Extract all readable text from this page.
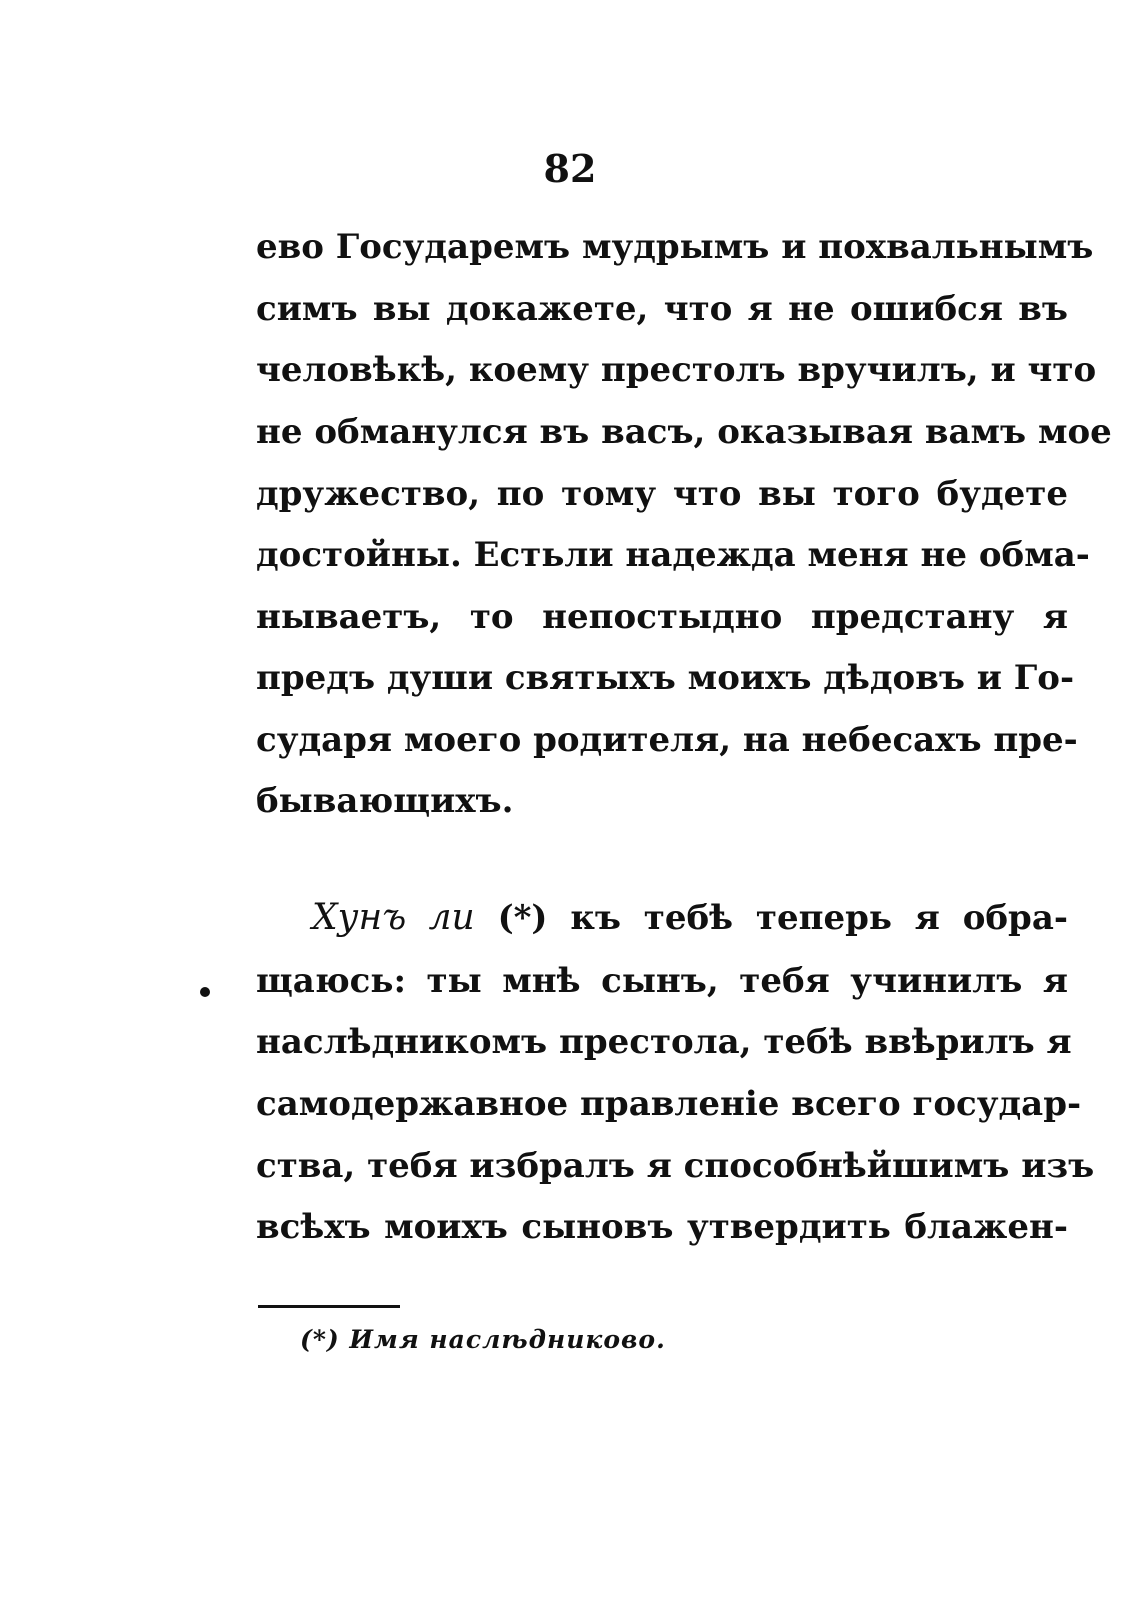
82

ево Государемъ мудрымъ и похвальнымъ

симъ вы докажете, что я не ошибся въ

человѣкѣ, коему престолъ вручилъ, и что

не обманулся въ васъ, оказывая вамъ мое

дружество, по тому что вы того будете

достойны. Естьли надежда меня не обма-

нываетъ, то непостыдно предстану я

предъ души святыхъ моихъ дѣдовъ и Го-

сударя моего родителя, на небесахъ пре-

бывающихъ.

Хунъ ли (*) къ тебѣ теперь я обра-

щаюсь: ты мнѣ сынъ, тебя учинилъ я

наслѣдникомъ престола, тебѣ ввѣрилъ я

самодержавное правленіе всего государ-

ства, тебя избралъ я способнѣйшимъ изъ

всѣхъ моихъ сыновъ утвердить блажен-

(*) Имя наслѣдниково.
